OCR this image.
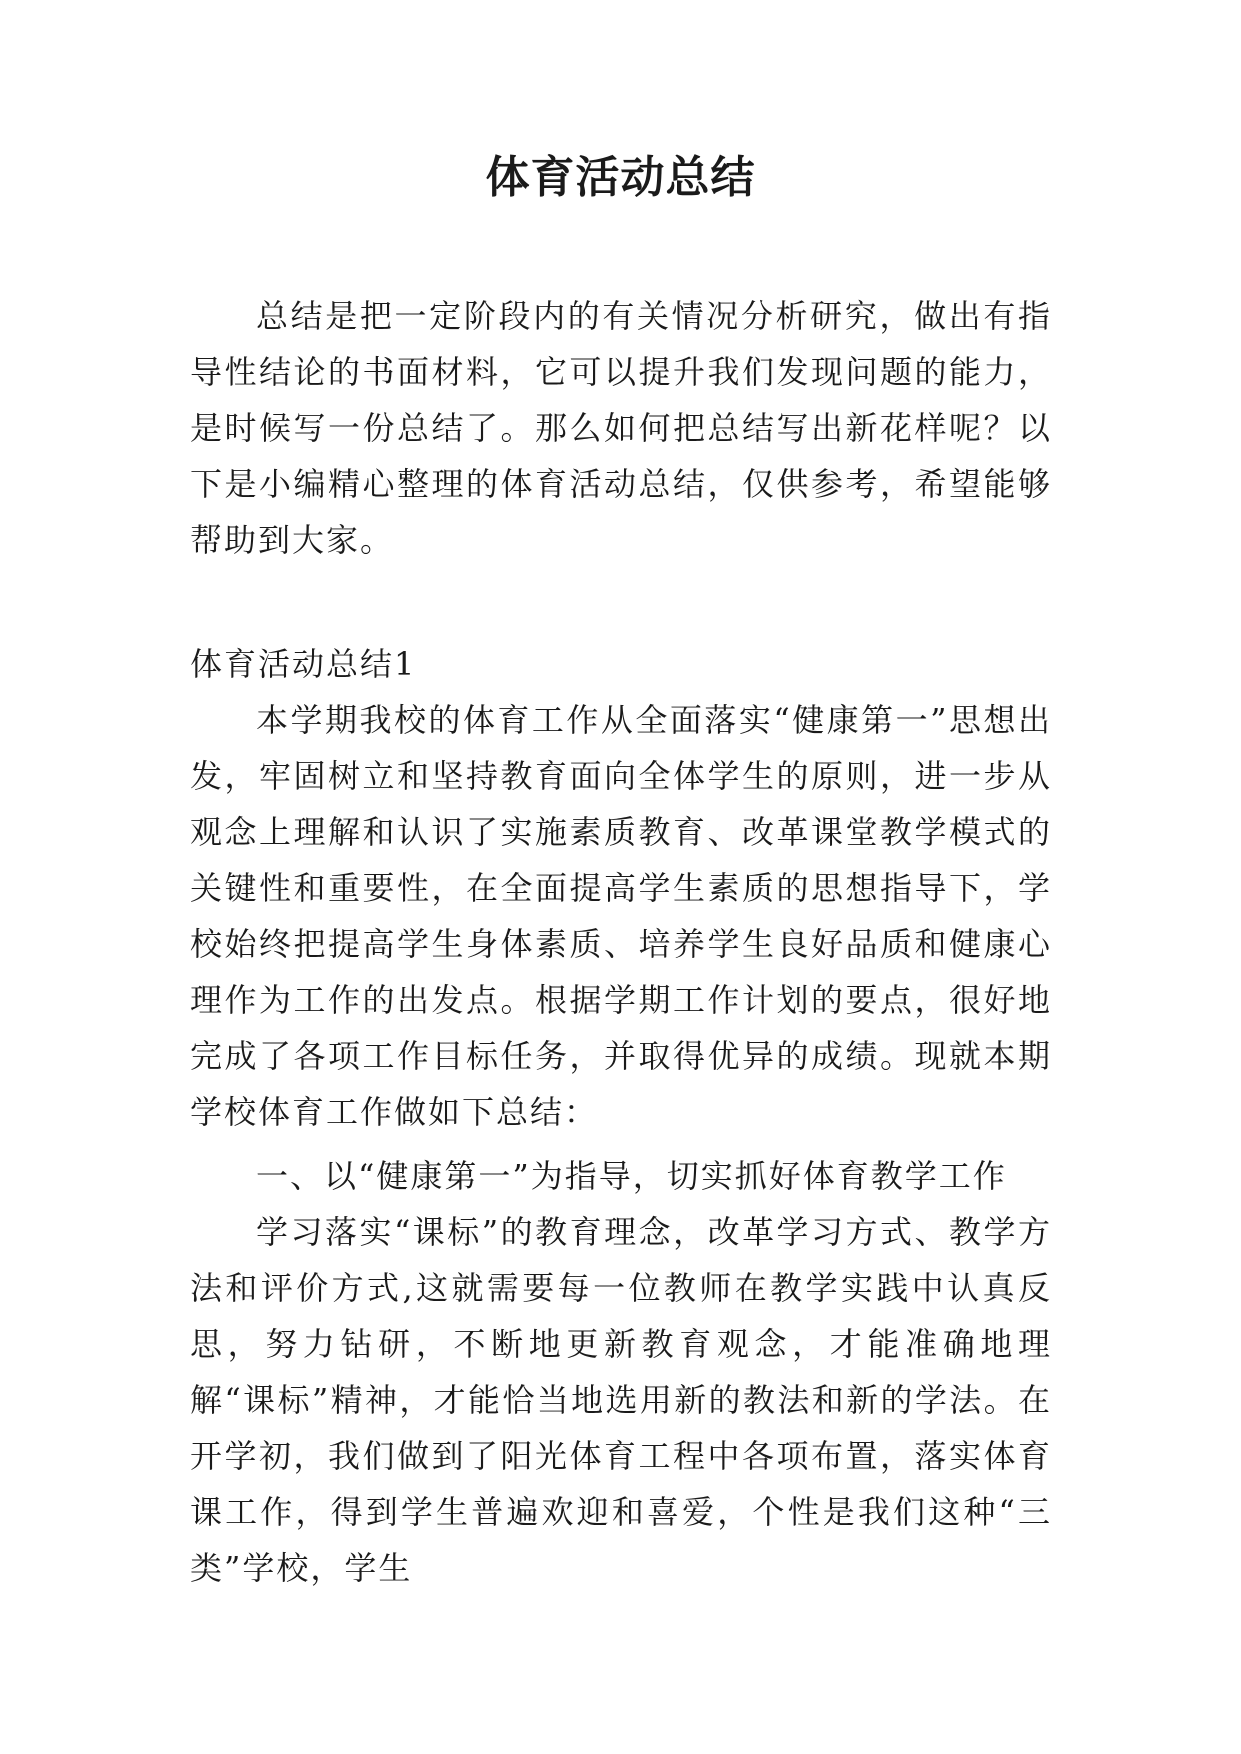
体育活动总结

总结是把一定阶段内的有关情况分析研究，做出有指导性结论的书面材料，它可以提升我们发现问题的能力，是时候写一份总结了。那么如何把总结写出新花样呢？以下是小编精心整理的体育活动总结，仅供参考，希望能够帮助到大家。

体育活动总结1

本学期我校的体育工作从全面落实“健康第一”思想出发，牢固树立和坚持教育面向全体学生的原则，进一步从观念上理解和认识了实施素质教育、改革课堂教学模式的关键性和重要性，在全面提高学生素质的思想指导下，学校始终把提高学生身体素质、培养学生良好品质和健康心理作为工作的出发点。根据学期工作计划的要点，很好地完成了各项工作目标任务，并取得优异的成绩。现就本期学校体育工作做如下总结：

一、以“健康第一”为指导，切实抓好体育教学工作

学习落实“课标”的教育理念，改革学习方式、教学方法和评价方式,这就需要每一位教师在教学实践中认真反思，努力钻研，不断地更新教育观念，才能准确地理解“课标”精神，才能恰当地选用新的教法和新的学法。在开学初，我们做到了阳光体育工程中各项布置，落实体育课工作，得到学生普遍欢迎和喜爱，个性是我们这种“三类”学校，学生
